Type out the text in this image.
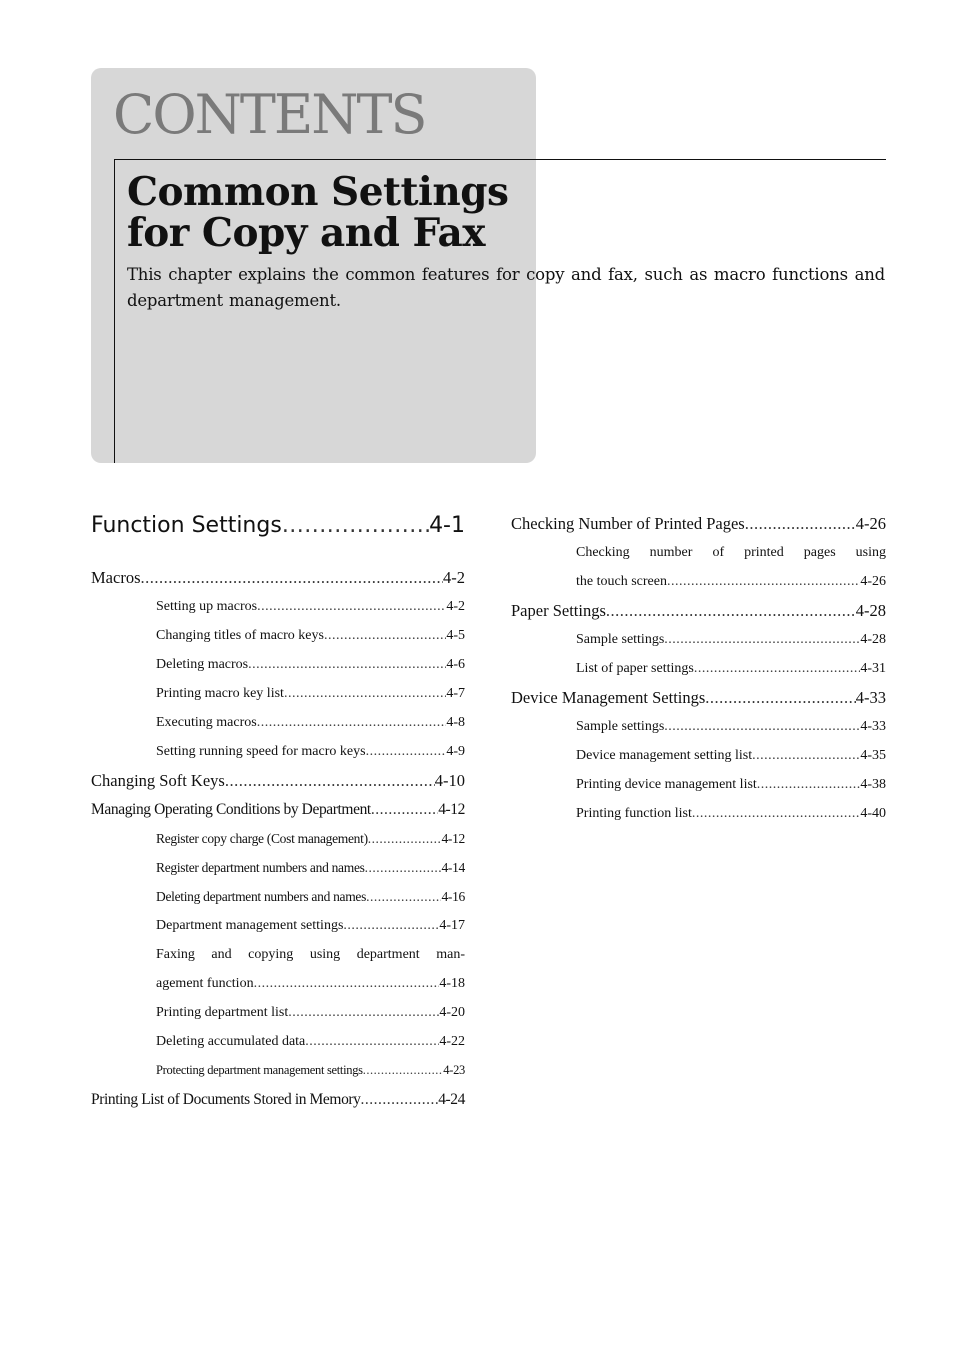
CONTENTS
Common Settings
for Copy and Fax
This chapter explains the common features for copy and fax, such as macro functions and department management.
Function Settings .....	4-1
Macros .....	4-2
Setting up macros .....	4-2
Changing titles of macro keys .....	4-5
Deleting macros .....	4-6
Printing macro key list .....	4-7
Executing macros .....	4-8
Setting running speed for macro keys .....	4-9
Changing Soft Keys .....	4-10
Managing Operating Conditions by Department .....	4-12
Register copy charge (Cost management) .....	4-12
Register department numbers and names .....	4-14
Deleting department numbers and names .....	4-16
Department management settings .....	4-17
Faxing and copying using department man-
agement function .....	4-18
Printing department list .....	4-20
Deleting accumulated data .....	4-22
Protecting department management settings .....	4-23
Printing List of Documents Stored in Memory .....	4-24
Checking Number of Printed Pages .....	4-26
Checking number of printed pages using
the touch screen .....	4-26
Paper Settings .....	4-28
Sample settings .....	4-28
List of paper settings .....	4-31
Device Management Settings .....	4-33
Sample settings .....	4-33
Device management setting list .....	4-35
Printing device management list .....	4-38
Printing function list .....	4-40
